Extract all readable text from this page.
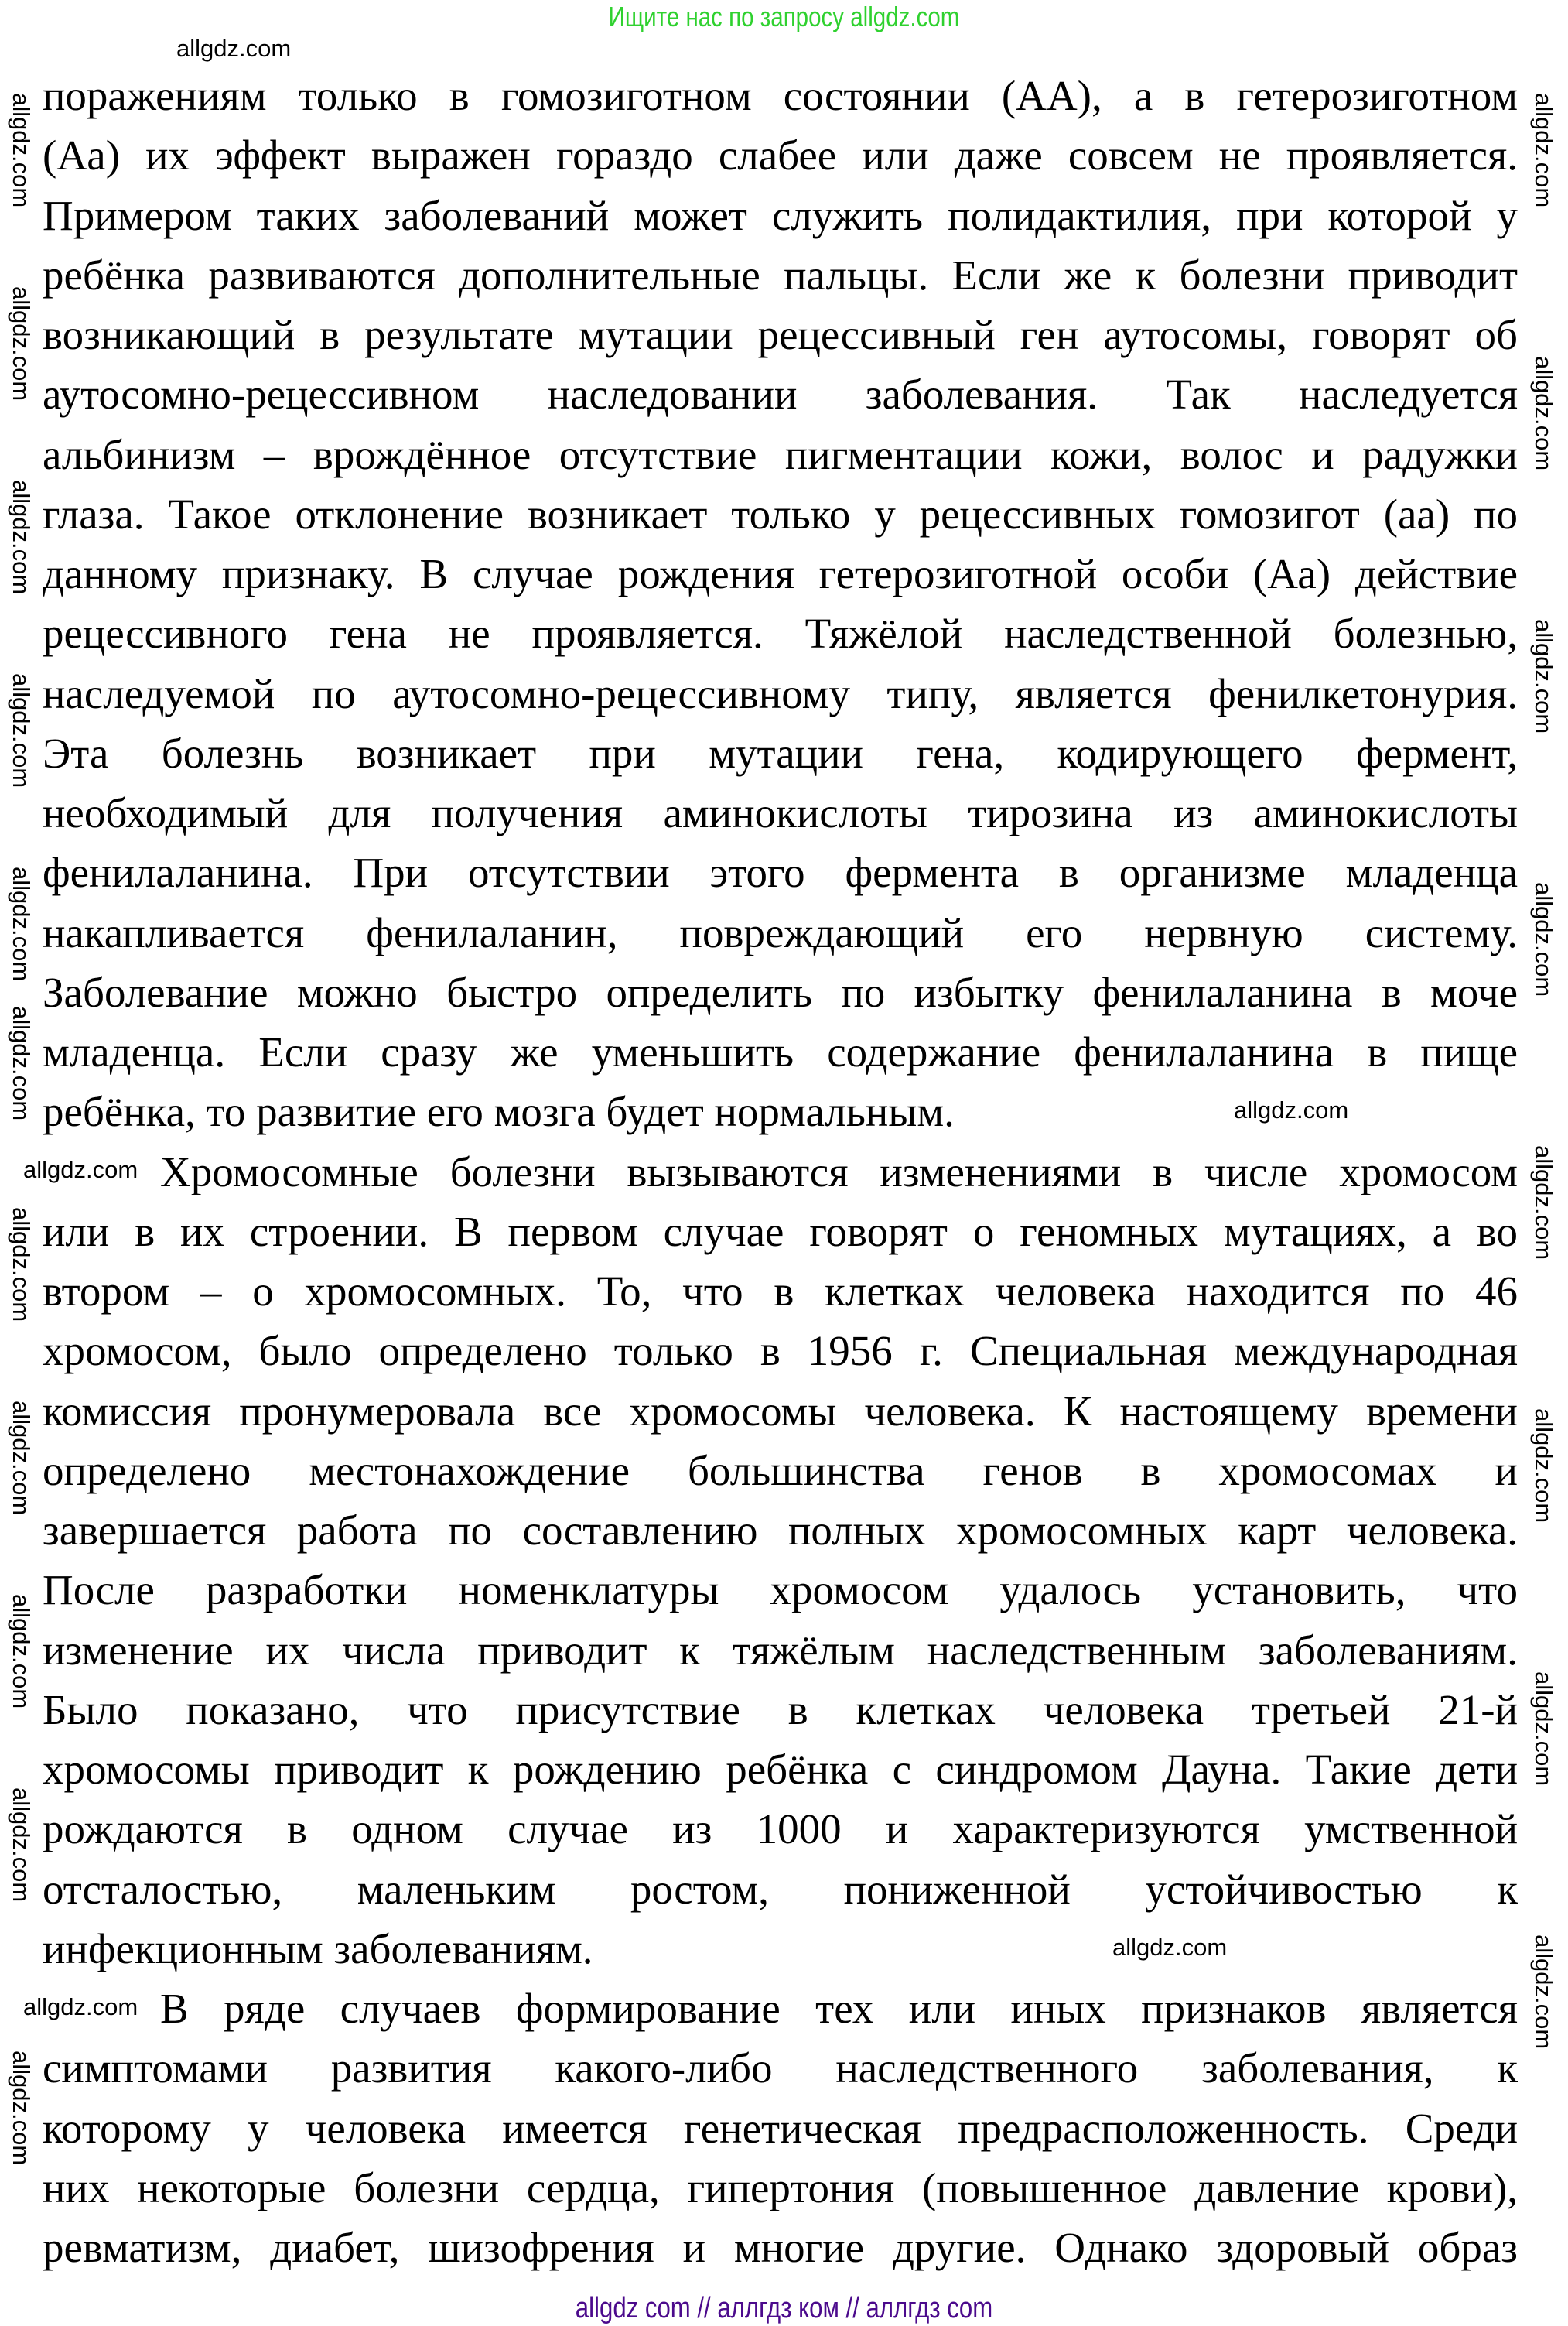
Ищите нас по запросу allgdz.com
поражениям только в гомозиготном состоянии (АА), а в гетерозиготном
(Аа) их эффект выражен гораздо слабее или даже совсем не проявляется.
Примером таких заболеваний может служить полидактилия, при которой у
ребёнка развиваются дополнительные пальцы. Если же к болезни приводит
возникающий в результате мутации рецессивный ген аутосомы, говорят об
аутосомно-рецессивном наследовании заболевания. Так наследуется
альбинизм – врождённое отсутствие пигментации кожи, волос и радужки
глаза. Такое отклонение возникает только у рецессивных гомозигот (аа) по
данному признаку. В случае рождения гетерозиготной особи (Аа) действие
рецессивного гена не проявляется. Тяжёлой наследственной болезнью,
наследуемой по аутосомно-рецессивному типу, является фенилкетонурия.
Эта болезнь возникает при мутации гена, кодирующего фермент,
необходимый для получения аминокислоты тирозина из аминокислоты
фенилаланина. При отсутствии этого фермента в организме младенца
накапливается фенилаланин, повреждающий его нервную систему.
Заболевание можно быстро определить по избытку фенилаланина в моче
младенца. Если сразу же уменьшить содержание фенилаланина в пище
ребёнка, то развитие его мозга будет нормальным.
Хромосомные болезни вызываются изменениями в числе хромосом
или в их строении. В первом случае говорят о геномных мутациях, а во
втором – о хромосомных. То, что в клетках человека находится по 46
хромосом, было определено только в 1956 г. Специальная международная
комиссия пронумеровала все хромосомы человека. К настоящему времени
определено местонахождение большинства генов в хромосомах и
завершается работа по составлению полных хромосомных карт человека.
После разработки номенклатуры хромосом удалось установить, что
изменение их числа приводит к тяжёлым наследственным заболеваниям.
Было показано, что присутствие в клетках человека третьей 21-й
хромосомы приводит к рождению ребёнка с синдромом Дауна. Такие дети
рождаются в одном случае из 1000 и характеризуются умственной
отсталостью, маленьким ростом, пониженной устойчивостью к
инфекционным заболеваниям.
В ряде случаев формирование тех или иных признаков является
симптомами развития какого-либо наследственного заболевания, к
которому у человека имеется генетическая предрасположенность. Среди
них некоторые болезни сердца, гипертония (повышенное давление крови),
ревматизм, диабет, шизофрения и многие другие. Однако здоровый образ
allgdz.com
allgdz.com
allgdz.com
allgdz.com
allgdz.com
allgdz.com
allgdz.com
allgdz.com
allgdz.com
allgdz.com
allgdz.com
allgdz.com
allgdz.com
allgdz.com
allgdz.com
allgdz.com
allgdz.com
allgdz.com
allgdz.com
allgdz.com
allgdz.com
allgdz.com
allgdz.com
allgdz.com
allgdz com // аллгдз ком // аллгдз com
